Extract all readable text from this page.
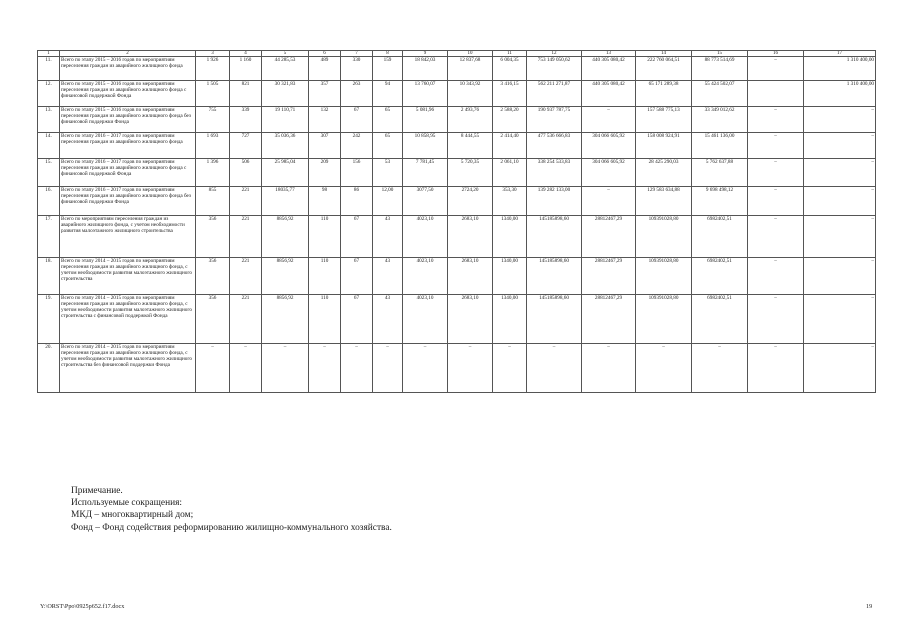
1	2	3	4	5	6	7	8	9	10	11	12	13	14	15	16	17
11.	Всего по этапу 2015 – 2016 годов по мероприятиям переселения граждан из аварийного жилищного фонда	1 926	1 160	44 285,53	489	330	159	18 842,03	12 837,68	6 004,35	753 149 050,62	440 305 080,42	222 760 064,51	88 773 514,69	–	1 310 400,00
12.	Всего по этапу 2015 – 2016 годов по мероприятиям переселения граждан из аварийного жилищного фонда с финансовой поддержкой Фонда	1 505	821	30 321,83	357	263	94	13 760,07	10 343,92	3 416,15	562 211 271,87	440 305 080,42	65 171 289,38	55 424 502,07		1 310 400,00
13.	Всего по этапу 2015 – 2016 годов по мероприятиям переселения граждан из аварийного жилищного фонда без финансовой поддержки Фонда	755	339	19 110,71	132	67	65	5 081,96	2 493,76	2 588,20	190 937 787,75	–	157 588 775,13	33 349 012,62	–	–
14.	Всего по этапу 2016 – 2017 годов по мероприятиям переселения граждан из аварийного жилищного фонда	1 693	727	35 036,36	307	242	65	10 858,95	8 444,55	2 414,40	477 536 666,83	304 066 605,92	158 008 924,91	15 461 136,00	–	–
15.	Всего по этапу 2016 – 2017 годов по мероприятиям переселения граждан из аварийного жилищного фонда с финансовой поддержкой Фонда	1 396	506	25 985,04	209	156	53	7 781,45	5 720,35	2 061,10	338 254 533,83	304 066 605,92	28 425 290,03	5 762 637,88	–	–
16.	Всего по этапу 2016 – 2017 годов по мероприятиям переселения граждан из аварийного жилищного фонда без финансовой поддержки Фонда	855	221	18035,77	98	86	12,00	3077,50	2724,20	353,30	139 282 133,00	–	129 583 634,88	9 698 498,12	–	–
17.	Всего по мероприятиям переселения граждан из аварийного жилищного фонда, с учетом необходимости развития малоэтажного жилищного строительства	356	221	8856,92	110	67	43	4023,10	2683,10	1340,00	145185898,60	28812467,29	109391028,80	6982402,51	–	–
18.	Всего по этапу 2014 – 2015 годов по мероприятиям переселения граждан из аварийного жилищного фонда, с учетом необходимости развития малоэтажного жилищного строительства	356	221	8856,92	110	67	43	4023,10	2683,10	1340,00	145185898,60	28812467,29	109391028,80	6982402,51	–	–
19.	Всего по этапу 2014 – 2015 годов по мероприятиям переселения граждан из аварийного жилищного фонда, с учетом необходимости развития малоэтажного жилищного строительства с финансовой поддержкой Фонда	356	221	8856,92	110	67	43	4023,10	2683,10	1340,00	145185898,60	28812467,29	109391028,80	6982402,51	–	–
20.	Всего по этапу 2014 – 2015 годов по мероприятиям переселения граждан из аварийного жилищного фонда, с учетом необходимости развития малоэтажного жилищного строительства без финансовой поддержки Фонда	–	–	–	–	–	–	–	–	–	–	–	–	–	–	–
Примечание.
Используемые сокращения:
МКД – многоквартирный дом;
Фонд – Фонд содействия реформированию жилищно-коммунального хозяйства.
Y:\ORST\Ppo\0925p652.f17.docx	19
